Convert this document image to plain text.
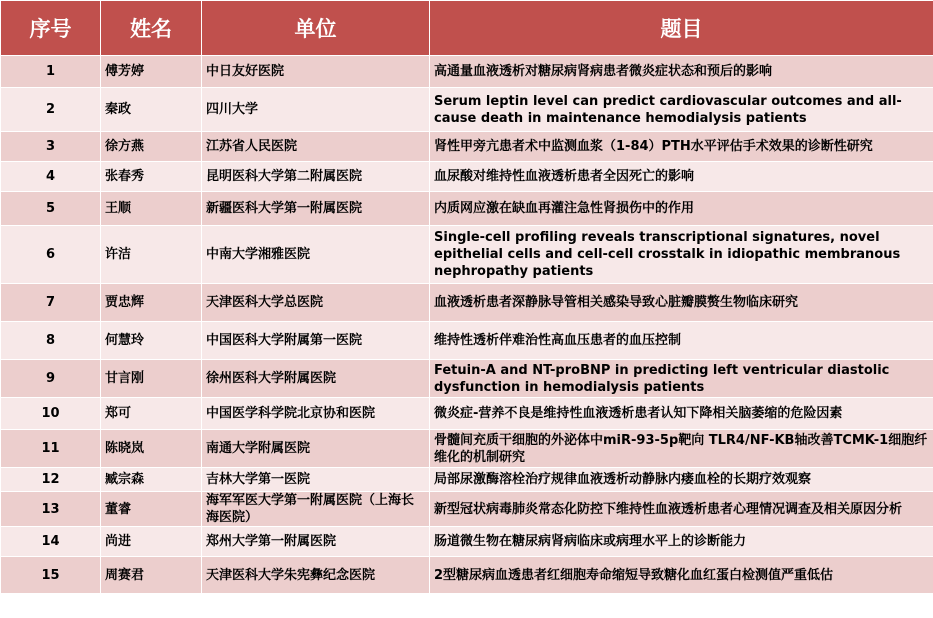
序号	姓名	单位	题目
1	傅芳婷	中日友好医院	高通量血液透析对糖尿病肾病患者微炎症状态和预后的影响
2	秦政	四川大学	Serum leptin level can predict cardiovascular outcomes and all-cause death in maintenance hemodialysis patients
3	徐方燕	江苏省人民医院	肾性甲旁亢患者术中监测血浆（1-84）PTH水平评估手术效果的诊断性研究
4	张春秀	昆明医科大学第二附属医院	血尿酸对维持性血液透析患者全因死亡的影响
5	王顺	新疆医科大学第一附属医院	内质网应激在缺血再灌注急性肾损伤中的作用
6	许洁	中南大学湘雅医院	Single-cell profiling reveals transcriptional signatures, novel epithelial cells and cell-cell crosstalk in idiopathic membranous nephropathy patients
7	贾忠辉	天津医科大学总医院	血液透析患者深静脉导管相关感染导致心脏瓣膜赘生物临床研究
8	何慧玲	中国医科大学附属第一医院	维持性透析伴难治性高血压患者的血压控制
9	甘言刚	徐州医科大学附属医院	Fetuin-A and NT-proBNP in predicting left ventricular diastolic dysfunction in hemodialysis patients
10	郑可	中国医学科学院北京协和医院	微炎症-营养不良是维持性血液透析患者认知下降相关脑萎缩的危险因素
11	陈晓岚	南通大学附属医院	骨髓间充质干细胞的外泌体中miR-93-5p靶向 TLR4/NF-KB轴改善TCMK-1细胞纤维化的机制研究
12	臧宗森	吉林大学第一医院	局部尿激酶溶栓治疗规律血液透析动静脉内瘘血栓的长期疗效观察
13	董睿	海军军医大学第一附属医院（上海长海医院）	新型冠状病毒肺炎常态化防控下维持性血液透析患者心理情况调查及相关原因分析
14	尚进	郑州大学第一附属医院	肠道微生物在糖尿病肾病临床或病理水平上的诊断能力
15	周赛君	天津医科大学朱宪彝纪念医院	2型糖尿病血透患者红细胞寿命缩短导致糖化血红蛋白检测值严重低估
